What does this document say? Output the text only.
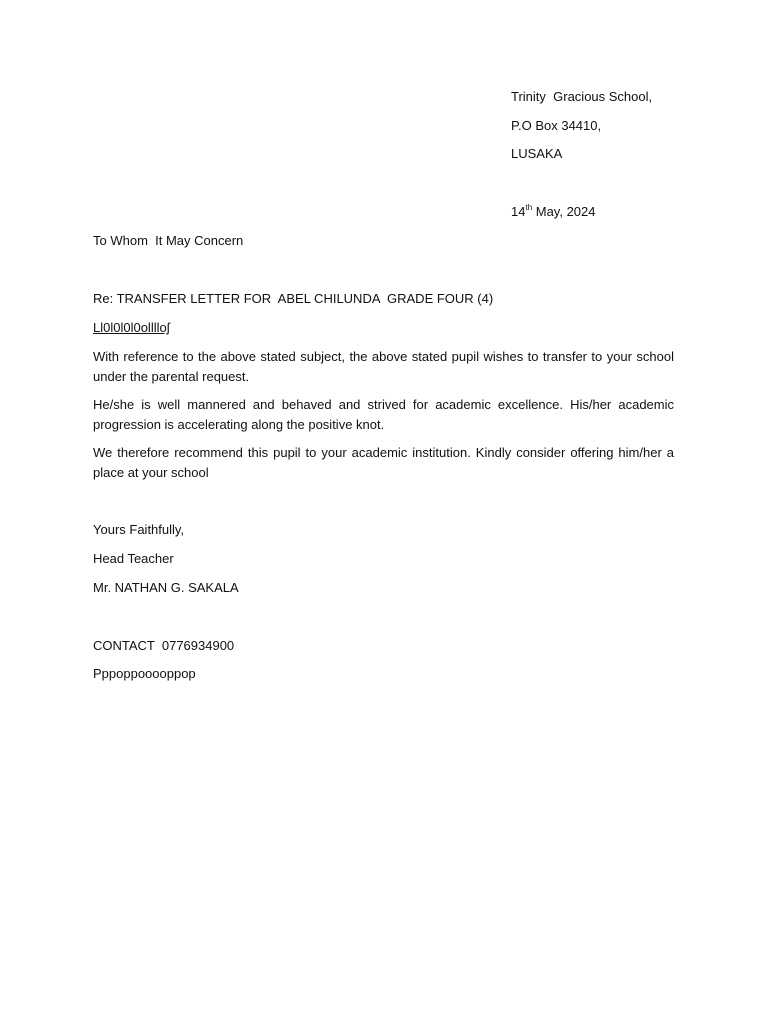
Trinity  Gracious School,
P.O Box 34410,
LUSAKA
14th May, 2024
To Whom  It May Concern
Re: TRANSFER LETTER FOR  ABEL CHILUNDA  GRADE FOUR (4)
Ll0l0l0l0olllloʃ
With reference to the above stated subject, the above stated pupil wishes to transfer to your school under the parental request.
He/she is well mannered and behaved and strived for academic excellence. His/her academic progression is accelerating along the positive knot.
We therefore recommend this pupil to your academic institution. Kindly consider offering him/her a place at your school
Yours Faithfully,
Head Teacher
Mr. NATHAN G. SAKALA
CONTACT  0776934900
Pppoppooooppop
